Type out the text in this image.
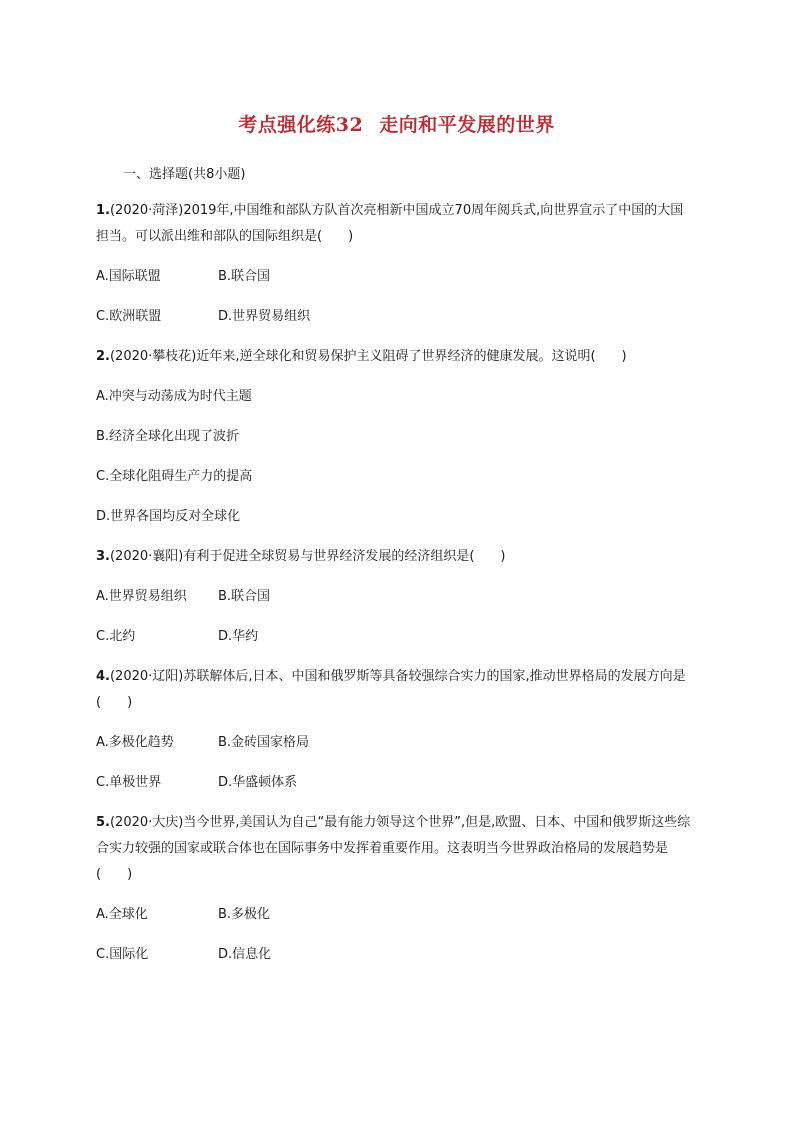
考点强化练32 走向和平发展的世界
一、选择题(共8小题)
1.(2020·菏泽)2019年,中国维和部队方队首次亮相新中国成立70周年阅兵式,向世界宣示了中国的大国担当。可以派出维和部队的国际组织是(　　)
A.国际联盟	B.联合国
C.欧洲联盟	D.世界贸易组织
2.(2020·攀枝花)近年来,逆全球化和贸易保护主义阻碍了世界经济的健康发展。这说明(　　)
A.冲突与动荡成为时代主题
B.经济全球化出现了波折
C.全球化阻碍生产力的提高
D.世界各国均反对全球化
3.(2020·襄阳)有利于促进全球贸易与世界经济发展的经济组织是(　　)
A.世界贸易组织	B.联合国
C.北约	D.华约
4.(2020·辽阳)苏联解体后,日本、中国和俄罗斯等具备较强综合实力的国家,推动世界格局的发展方向是(　　)
A.多极化趋势	B.金砖国家格局
C.单极世界	D.华盛顿体系
5.(2020·大庆)当今世界,美国认为自己“最有能力领导这个世界”,但是,欧盟、日本、中国和俄罗斯这些综合实力较强的国家或联合体也在国际事务中发挥着重要作用。这表明当今世界政治格局的发展趋势是(　　)
A.全球化	B.多极化
C.国际化	D.信息化
